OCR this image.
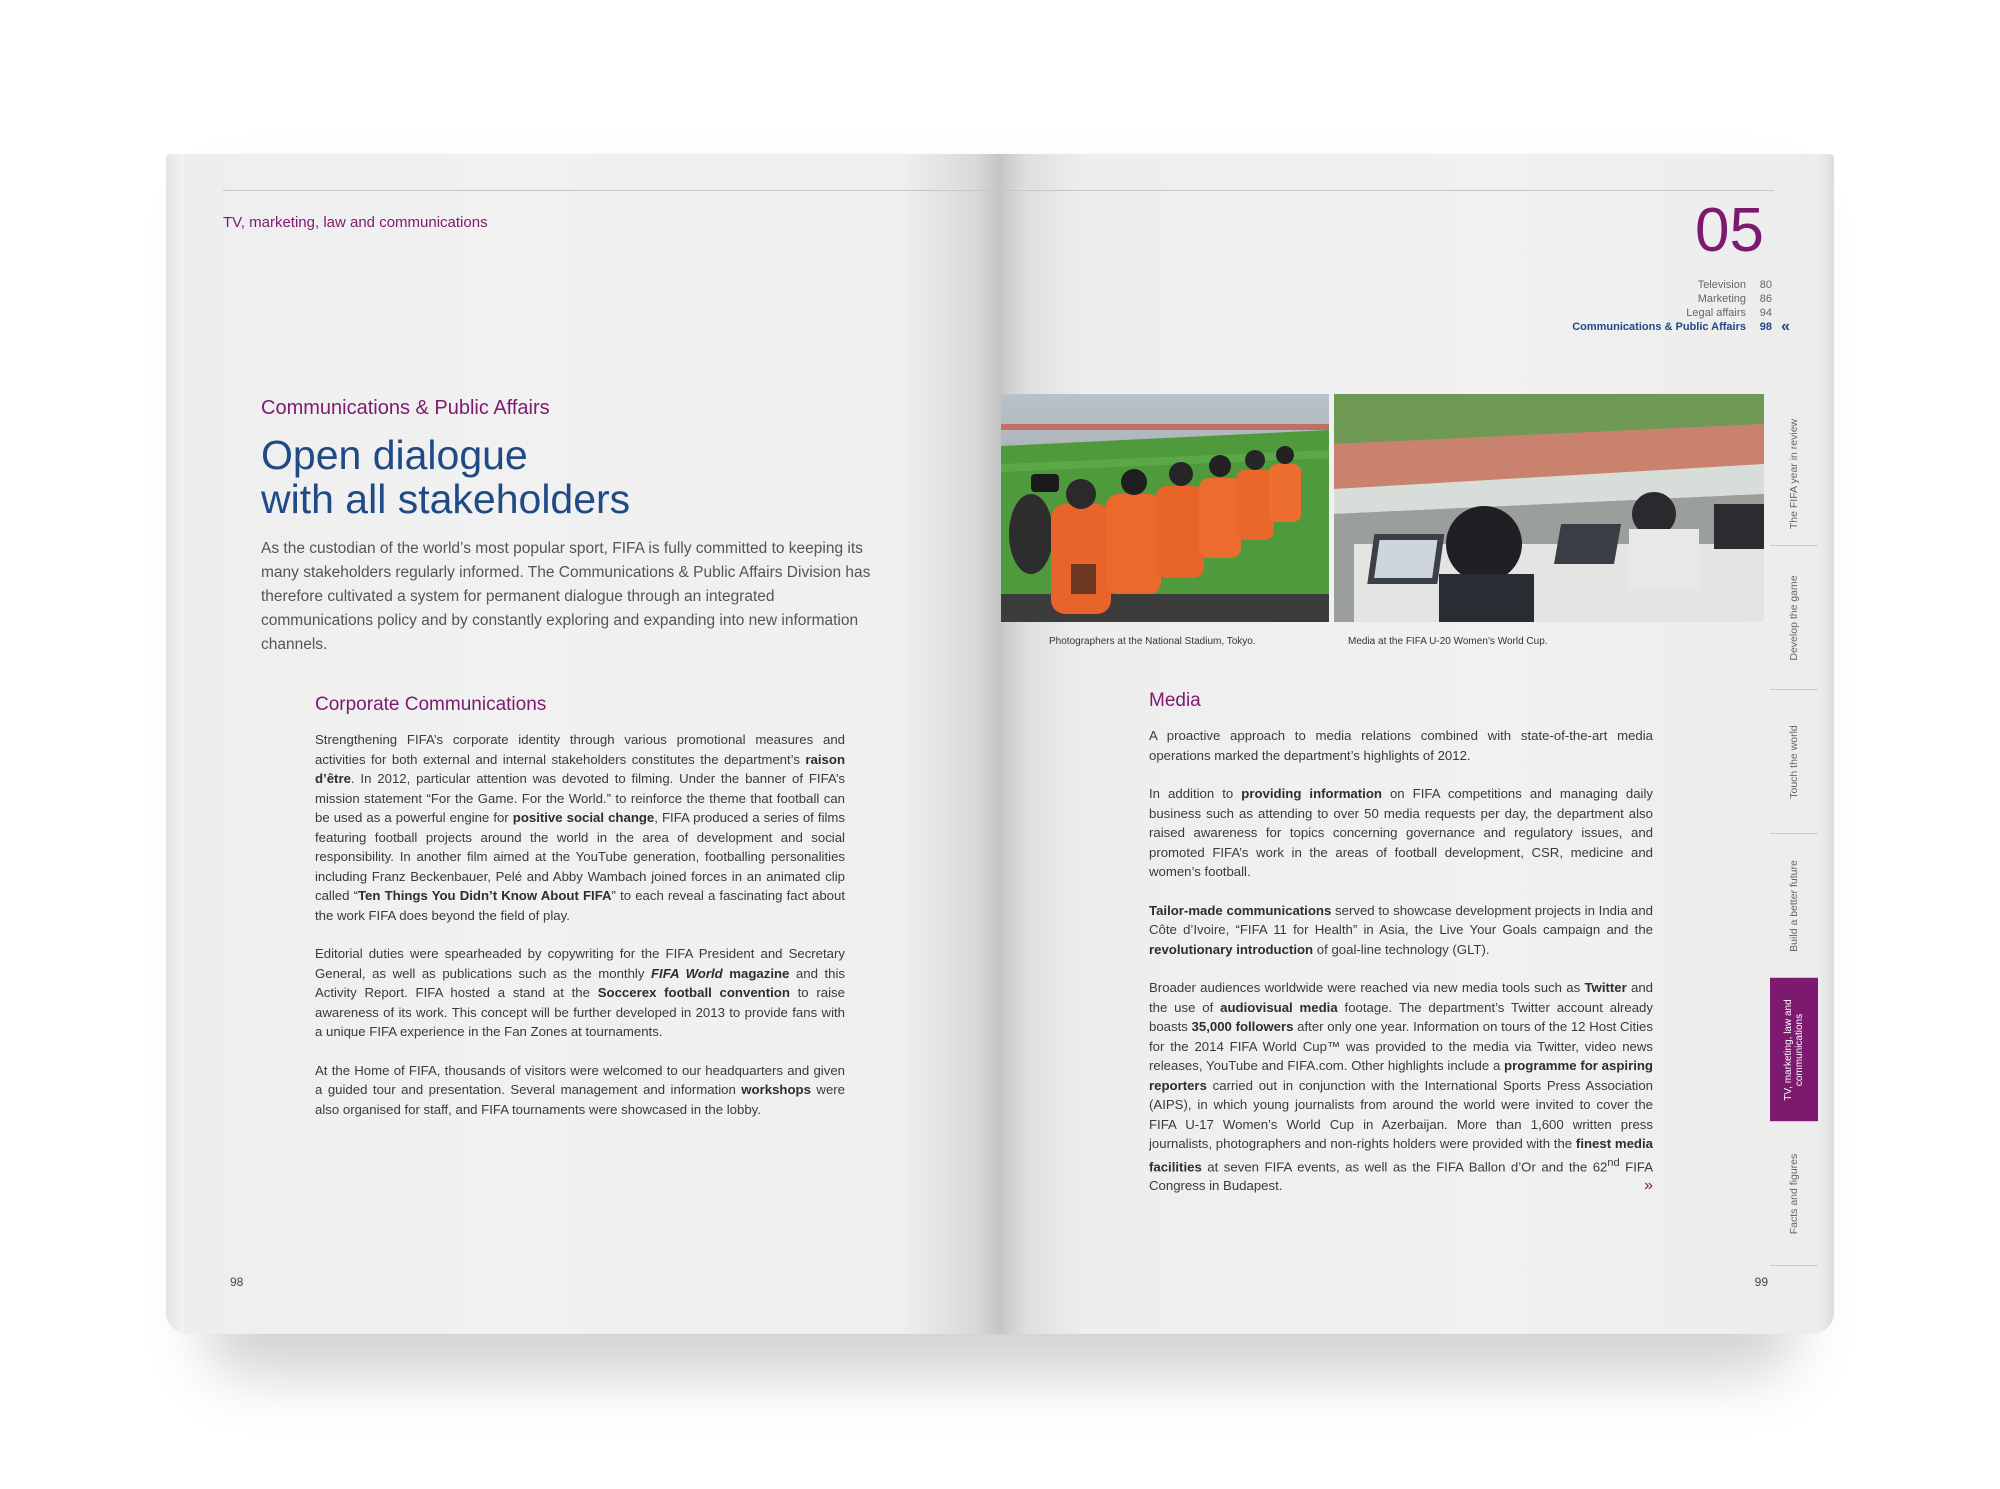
TV, marketing, law and communications
Communications & Public Affairs
Open dialogue
with all stakeholders

As the custodian of the world’s most popular sport, FIFA is fully committed to keeping its many stakeholders regularly informed. The Communications & Public Affairs Division has therefore cultivated a system for permanent dialogue through an integrated communications policy and by constantly exploring and expanding into new information channels.

Corporate Communications

Strengthening FIFA’s corporate identity through various promotional measures and activities for both external and internal stakeholders constitutes the department’s raison d’être. In 2012, particular attention was devoted to filming. Under the banner of FIFA’s mission statement “For the Game. For the World.” to reinforce the theme that football can be used as a powerful engine for positive social change, FIFA produced a series of films featuring football projects around the world in the area of development and social responsibility. In another film aimed at the YouTube generation, footballing personalities including Franz Beckenbauer, Pelé and Abby Wambach joined forces in an animated clip called “Ten Things You Didn’t Know About FIFA” to each reveal a fascinating fact about the work FIFA does beyond the field of play.

Editorial duties were spearheaded by copywriting for the FIFA President and Secretary General, as well as publications such as the monthly FIFA World magazine and this Activity Report. FIFA hosted a stand at the Soccerex football convention to raise awareness of its work. This concept will be further developed in 2013 to provide fans with a unique FIFA experience in the Fan Zones at tournaments.

At the Home of FIFA, thousands of visitors were welcomed to our headquarters and given a guided tour and presentation. Several management and information workshops were also organised for staff, and FIFA tournaments were showcased in the lobby.

98
05
Television	80
Marketing	86
Legal affairs	94
Communications & Public Affairs	98 «
Photographers at the National Stadium, Tokyo.	Media at the FIFA U-20 Women’s World Cup.
Media

A proactive approach to media relations combined with state-of-the-art media operations marked the department’s highlights of 2012.

In addition to providing information on FIFA competitions and managing daily business such as attending to over 50 media requests per day, the department also raised awareness for topics concerning governance and regulatory issues, and promoted FIFA’s work in the areas of football development, CSR, medicine and women’s football.

Tailor-made communications served to showcase development projects in India and Côte d’Ivoire, “FIFA 11 for Health” in Asia, the Live Your Goals campaign and the revolutionary introduction of goal-line technology (GLT).

Broader audiences worldwide were reached via new media tools such as Twitter and the use of audiovisual media footage. The department’s Twitter account already boasts 35,000 followers after only one year. Information on tours of the 12 Host Cities for the 2014 FIFA World Cup™ was provided to the media via Twitter, video news releases, YouTube and FIFA.com. Other highlights include a programme for aspiring reporters carried out in conjunction with the International Sports Press Association (AIPS), in which young journalists from around the world were invited to cover the FIFA U-17 Women’s World Cup in Azerbaijan. More than 1,600 written press journalists, photographers and non-rights holders were provided with the finest media facilities at seven FIFA events, as well as the FIFA Ballon d’Or and the 62nd FIFA Congress in Budapest.	»

The FIFA year in review
Develop the game
Touch the world
Build a better future
TV, marketing, law and communications
Facts and figures
99
